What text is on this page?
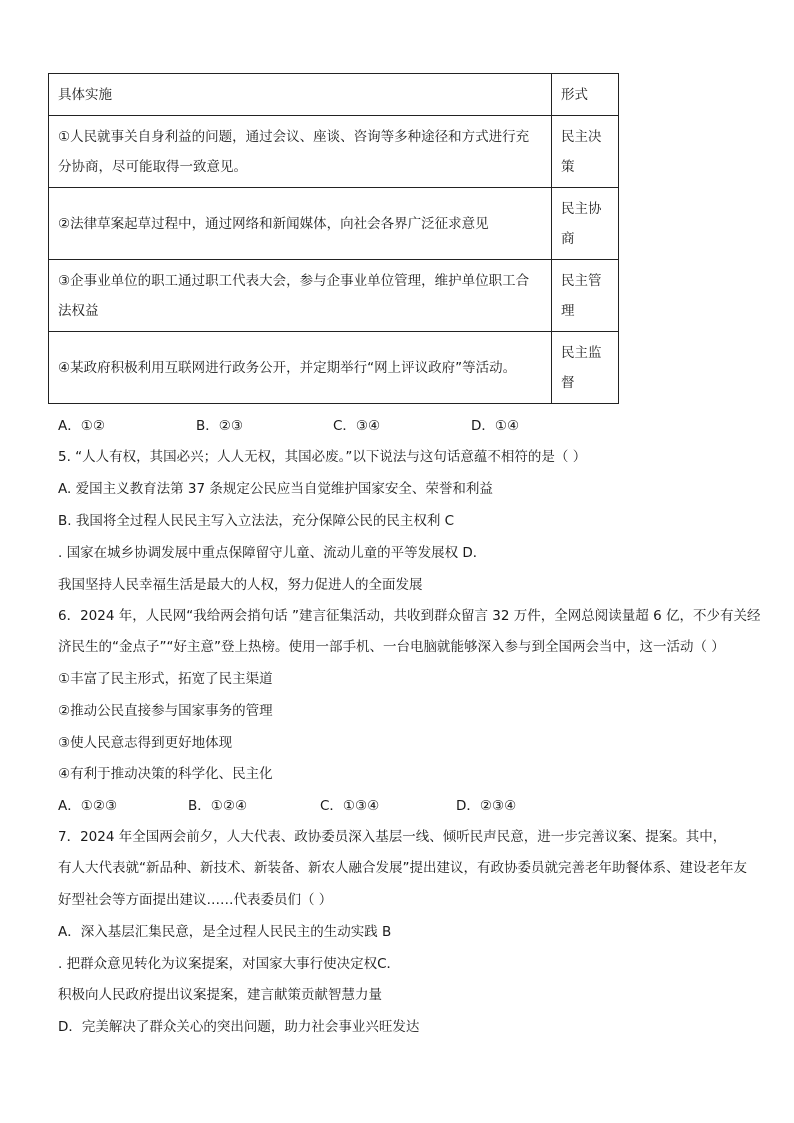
具体实施	形式
①人民就事关自身利益的问题，通过会议、座谈、咨询等多种途径和方式进行充分协商，尽可能取得一致意见。	民主决策
②法律草案起草过程中，通过网络和新闻媒体，向社会各界广泛征求意见	民主协商
③企事业单位的职工通过职工代表大会，参与企事业单位管理，维护单位职工合法权益	民主管理
④某政府积极利用互联网进行政务公开，并定期举行“网上评议政府”等活动。	民主监督
A．①②	B．②③	C．③④	D．①④
5. “人人有权，其国必兴；人人无权，其国必废。”以下说法与这句话意蕴不相符的是（ ）
A. 爱国主义教育法第 37 条规定公民应当自觉维护国家安全、荣誉和利益
B. 我国将全过程人民民主写入立法法，充分保障公民的民主权利 C
. 国家在城乡协调发展中重点保障留守儿童、流动儿童的平等发展权 D．
我国坚持人民幸福生活是最大的人权，努力促进人的全面发展
6．2024 年，人民网“我给两会捎句话 ”建言征集活动，共收到群众留言 32 万件，全网总阅读量超 6 亿，不少有关经
济民生的“金点子”“好主意”登上热榜。使用一部手机、一台电脑就能够深入参与到全国两会当中，这一活动（ ）
①丰富了民主形式，拓宽了民主渠道
②推动公民直接参与国家事务的管理
③使人民意志得到更好地体现
④有利于推动决策的科学化、民主化
A．①②③	B．①②④	C．①③④	D．②③④
7．2024 年全国两会前夕，人大代表、政协委员深入基层一线、倾听民声民意，进一步完善议案、提案。其中，
有人大代表就“新品种、新技术、新装备、新农人融合发展”提出建议，有政协委员就完善老年助餐体系、建设老年友
好型社会等方面提出建议……代表委员们（ ）
A．深入基层汇集民意，是全过程人民民主的生动实践 B
. 把群众意见转化为议案提案，对国家大事行使决定权C．
积极向人民政府提出议案提案，建言献策贡献智慧力量
D．完美解决了群众关心的突出问题，助力社会事业兴旺发达
